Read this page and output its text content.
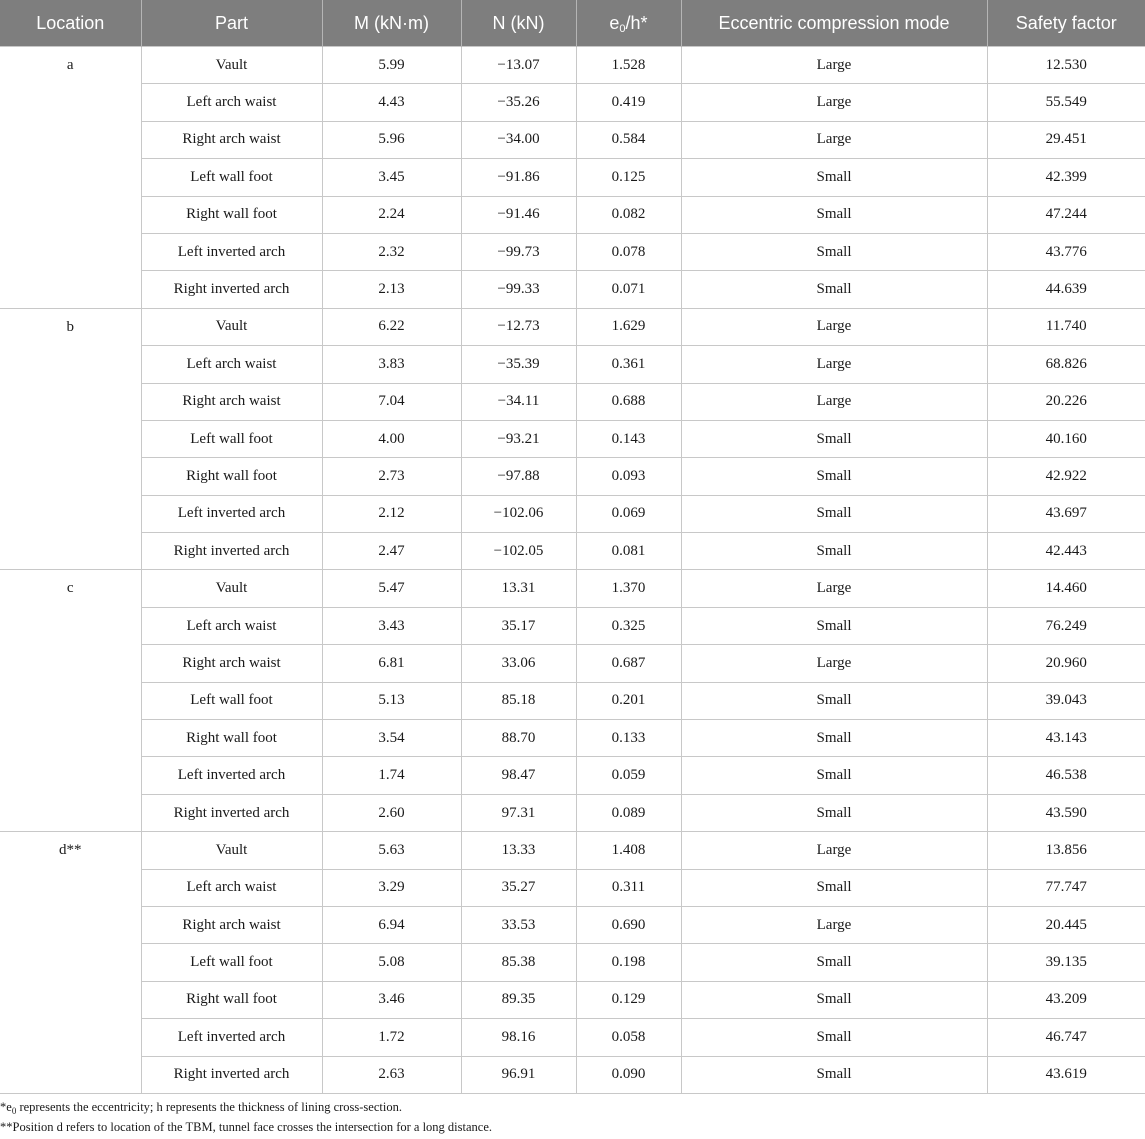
Location	Part	M (kN·m)	N (kN)	$e_0/h*$	Eccentric compression mode	Safety factor
a	Vault	5.99	−13.07	1.528	Large	12.530
	Left arch waist	4.43	−35.26	0.419	Large	55.549
	Right arch waist	5.96	−34.00	0.584	Large	29.451
	Left wall foot	3.45	−91.86	0.125	Small	42.399
	Right wall foot	2.24	−91.46	0.082	Small	47.244
	Left inverted arch	2.32	−99.73	0.078	Small	43.776
	Right inverted arch	2.13	−99.33	0.071	Small	44.639
b	Vault	6.22	−12.73	1.629	Large	11.740
	Left arch waist	3.83	−35.39	0.361	Large	68.826
	Right arch waist	7.04	−34.11	0.688	Large	20.226
	Left wall foot	4.00	−93.21	0.143	Small	40.160
	Right wall foot	2.73	−97.88	0.093	Small	42.922
	Left inverted arch	2.12	−102.06	0.069	Small	43.697
	Right inverted arch	2.47	−102.05	0.081	Small	42.443
c	Vault	5.47	13.31	1.370	Large	14.460
	Left arch waist	3.43	35.17	0.325	Small	76.249
	Right arch waist	6.81	33.06	0.687	Large	20.960
	Left wall foot	5.13	85.18	0.201	Small	39.043
	Right wall foot	3.54	88.70	0.133	Small	43.143
	Left inverted arch	1.74	98.47	0.059	Small	46.538
	Right inverted arch	2.60	97.31	0.089	Small	43.590
d**	Vault	5.63	13.33	1.408	Large	13.856
	Left arch waist	3.29	35.27	0.311	Small	77.747
	Right arch waist	6.94	33.53	0.690	Large	20.445
	Left wall foot	5.08	85.38	0.198	Small	39.135
	Right wall foot	3.46	89.35	0.129	Small	43.209
	Left inverted arch	1.72	98.16	0.058	Small	46.747
	Right inverted arch	2.63	96.91	0.090	Small	43.619
$*e_0$ represents the eccentricity; h represents the thickness of lining cross-section.
**Position d refers to location of the TBM, tunnel face crosses the intersection for a long distance.
